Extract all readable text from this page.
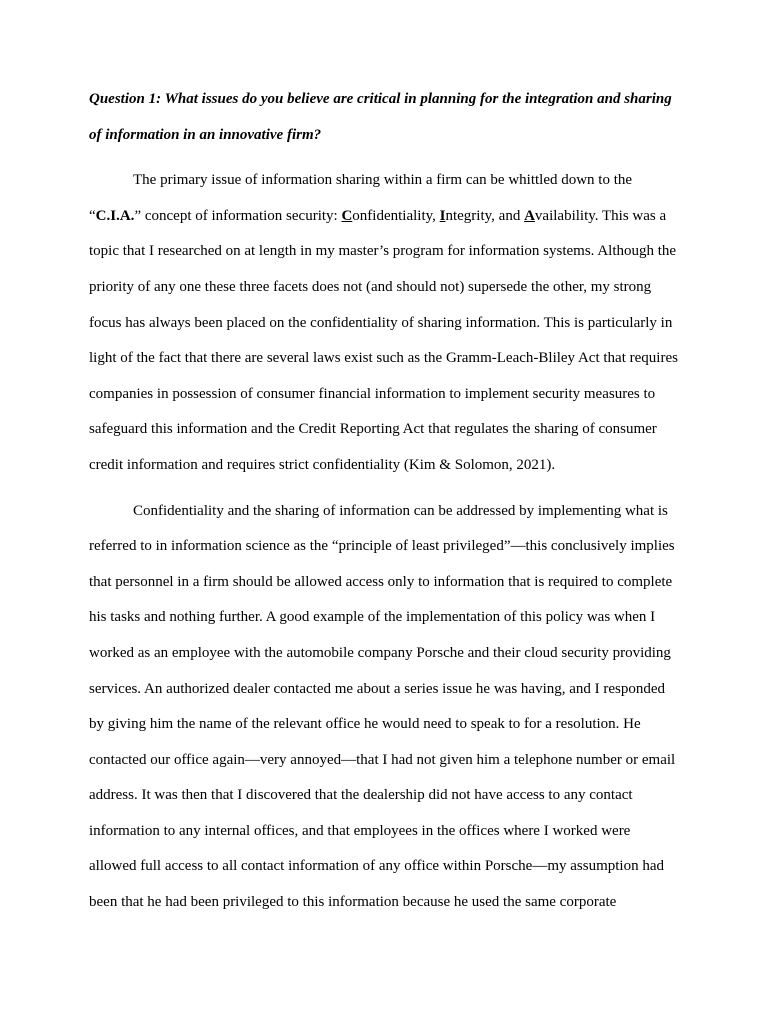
Question 1: What issues do you believe are critical in planning for the integration and sharing of information in an innovative firm?

The primary issue of information sharing within a firm can be whittled down to the “C.I.A.” concept of information security: Confidentiality, Integrity, and Availability. This was a topic that I researched on at length in my master’s program for information systems. Although the priority of any one these three facets does not (and should not) supersede the other, my strong focus has always been placed on the confidentiality of sharing information. This is particularly in light of the fact that there are several laws exist such as the Gramm-Leach-Bliley Act that requires companies in possession of consumer financial information to implement security measures to safeguard this information and the Credit Reporting Act that regulates the sharing of consumer credit information and requires strict confidentiality (Kim & Solomon, 2021).

Confidentiality and the sharing of information can be addressed by implementing what is referred to in information science as the “principle of least privileged”—this conclusively implies that personnel in a firm should be allowed access only to information that is required to complete his tasks and nothing further. A good example of the implementation of this policy was when I worked as an employee with the automobile company Porsche and their cloud security providing services. An authorized dealer contacted me about a series issue he was having, and I responded by giving him the name of the relevant office he would need to speak to for a resolution. He contacted our office again—very annoyed—that I had not given him a telephone number or email address. It was then that I discovered that the dealership did not have access to any contact information to any internal offices, and that employees in the offices where I worked were allowed full access to all contact information of any office within Porsche—my assumption had been that he had been privileged to this information because he used the same corporate
